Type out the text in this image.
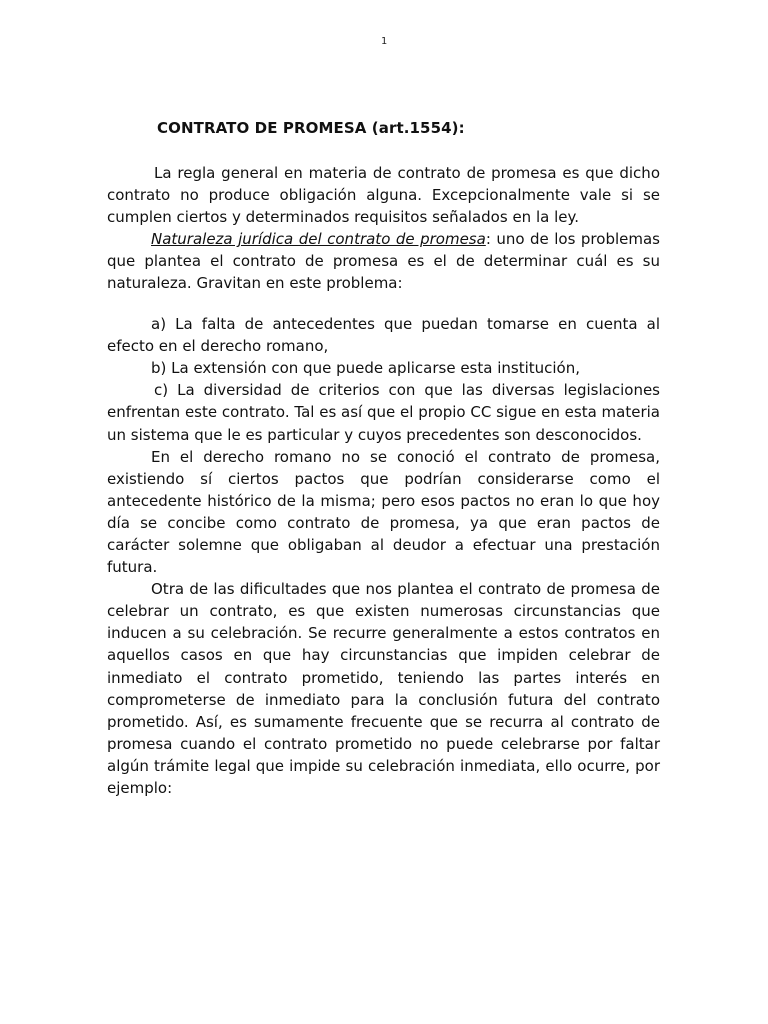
1
CONTRATO DE PROMESA (art.1554):

La regla general en materia de contrato de promesa es que dicho contrato no produce obligación alguna. Excepcionalmente vale si se cumplen ciertos y determinados requisitos señalados en la ley.

Naturaleza jurídica del contrato de promesa: uno de los problemas que plantea el contrato de promesa es el de determinar cuál es su naturaleza. Gravitan en este problema:

a) La falta de antecedentes que puedan tomarse en cuenta al efecto en el derecho romano,

b) La extensión con que puede aplicarse esta institución,

c) La diversidad de criterios con que las diversas legislaciones enfrentan este contrato. Tal es así que el propio CC sigue en esta materia un sistema que le es particular y cuyos precedentes son desconocidos.

En el derecho romano no se conoció el contrato de promesa, existiendo sí ciertos pactos que podrían considerarse como el antecedente histórico de la misma; pero esos pactos no eran lo que hoy día se concibe como contrato de promesa, ya que eran pactos de carácter solemne que obligaban al deudor a efectuar una prestación futura.

Otra de las dificultades que nos plantea el contrato de promesa de celebrar un contrato, es que existen numerosas circunstancias que inducen a su celebración. Se recurre generalmente a estos contratos en aquellos casos en que hay circunstancias que impiden celebrar de inmediato el contrato prometido, teniendo las partes interés en comprometerse de inmediato para la conclusión futura del contrato prometido. Así, es sumamente frecuente que se recurra al contrato de promesa cuando el contrato prometido no puede celebrarse por faltar algún trámite legal que impide su celebración inmediata, ello ocurre, por ejemplo:
